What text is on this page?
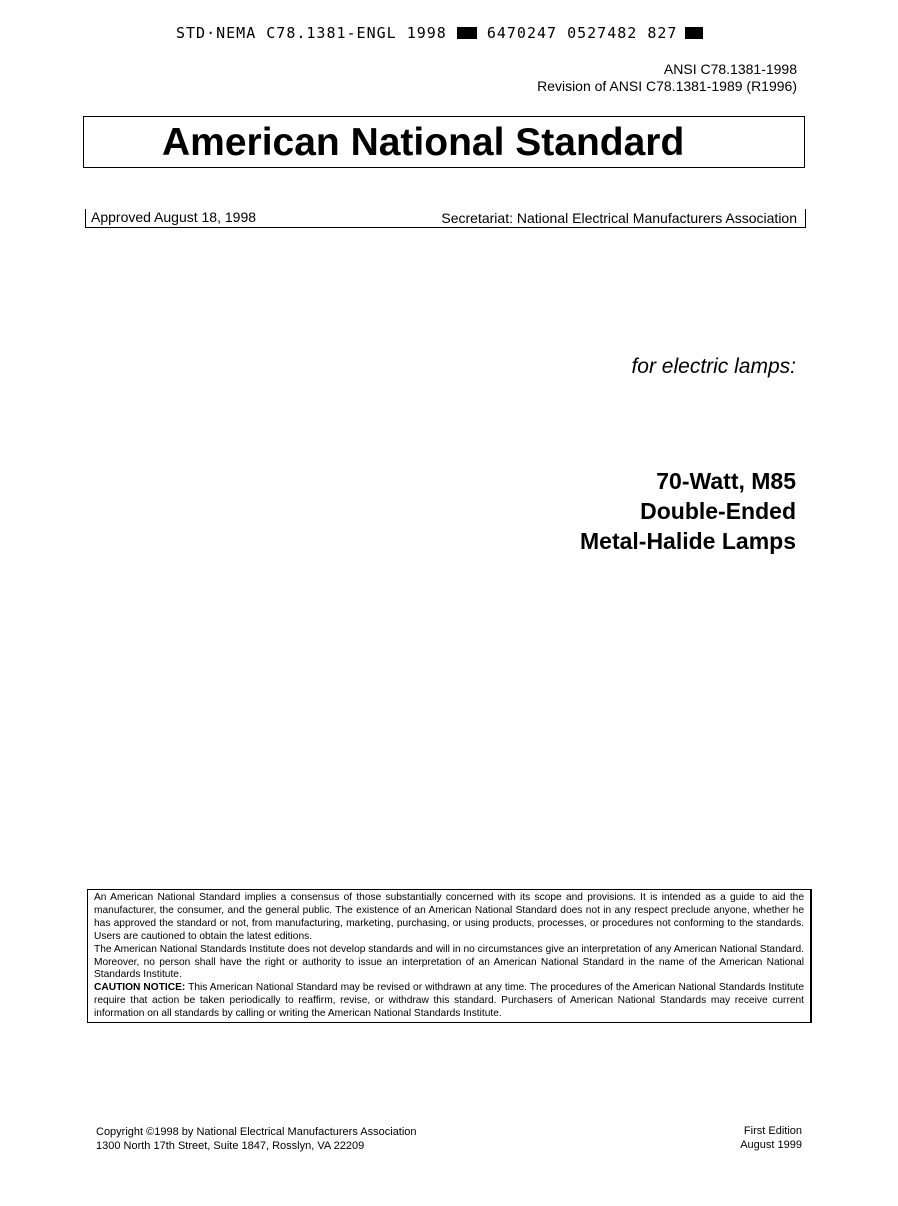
STD·NEMA C78.1381-ENGL 1998	6470247 0527482 827
ANSI C78.1381-1998
Revision of ANSI C78.1381-1989 (R1996)
American National Standard
Approved August 18, 1998	Secretariat: National Electrical Manufacturers Association
for electric lamps:
70-Watt, M85
Double-Ended
Metal-Halide Lamps

An American National Standard implies a consensus of those substantially concerned with its scope and provisions. It is intended as a guide to aid the manufacturer, the consumer, and the general public. The existence of an American National Standard does not in any respect preclude anyone, whether he has approved the standard or not, from manufacturing, marketing, purchasing, or using products, processes, or procedures not conforming to the standards. Users are cautioned to obtain the latest editions.

The American National Standards Institute does not develop standards and will in no circumstances give an interpretation of any American National Standard. Moreover, no person shall have the right or authority to issue an interpretation of an American National Standard in the name of the American National Standards Institute.

CAUTION NOTICE: This American National Standard may be revised or withdrawn at any time. The procedures of the American National Standards Institute require that action be taken periodically to reaffirm, revise, or withdraw this standard. Purchasers of American National Standards may receive current information on all standards by calling or writing the American National Standards Institute.

Copyright ©1998 by National Electrical Manufacturers Association
1300 North 17th Street, Suite 1847, Rosslyn, VA 22209
First Edition
August 1999
